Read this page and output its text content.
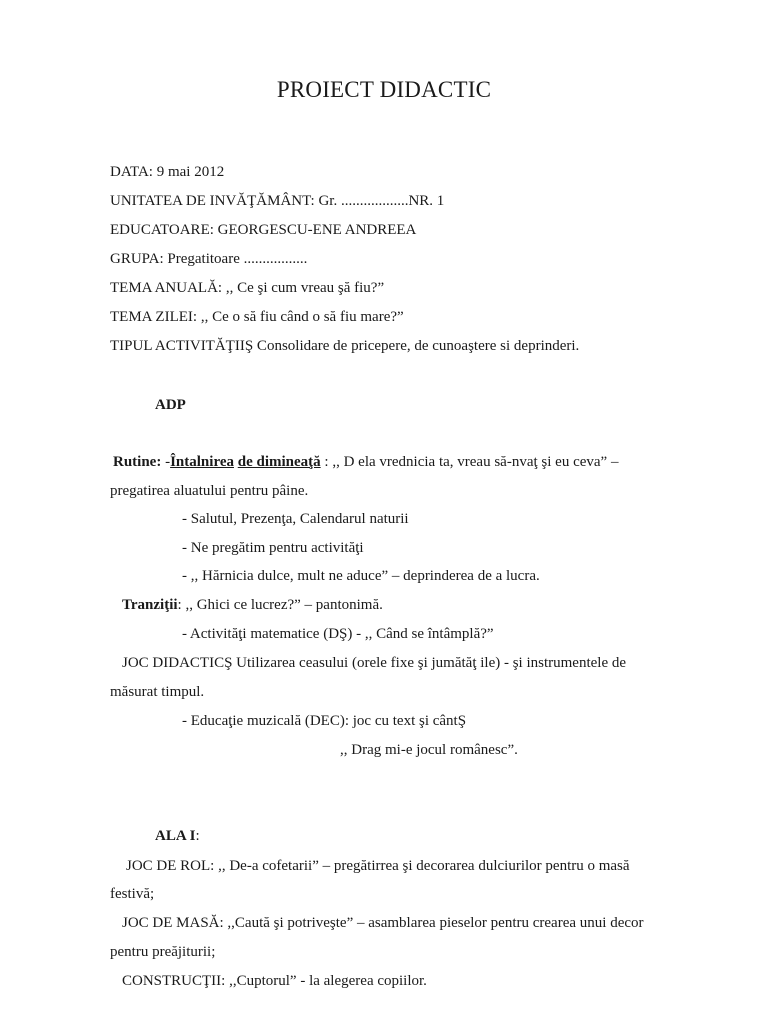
PROIECT DIDACTIC
DATA: 9 mai 2012
UNITATEA DE INVĂŢĂMÂNT: Gr. ..................NR. 1
EDUCATOARE: GEORGESCU-ENE ANDREEA
GRUPA: Pregatitoare .................
TEMA ANUALĂ: ,, Ce şi cum vreau şă fiu?”
TEMA ZILEI: ,, Ce o să fiu când o să fiu mare?”
TIPUL ACTIVITĂŢIIŞ Consolidare de pricepere, de cunoaştere si deprinderi.
ADP
Rutine: -Întalnirea de dimineaţă : ,, D ela vrednicia ta, vreau să-nvaţ şi eu ceva” –
pregatirea aluatului pentru pâine.
- Salutul, Prezenţa, Calendarul naturii
- Ne pregătim pentru activităţi
- ,, Hărnicia dulce, mult ne aduce” – deprinderea de a lucra.
Tranziţii: ,, Ghici ce lucrez?” – pantonimă.
- Activităţi matematice (DŞ) - ,, Când se întâmplă?”
JOC DIDACTICŞ Utilizarea ceasului (orele fixe şi jumătăţ ile) - şi instrumentele de
măsurat timpul.
- Educaţie muzicală (DEC): joc cu text şi cântŞ
,, Drag mi-e jocul românesc”.
ALA I:
JOC DE ROL: ,, De-a cofetarii” – pregătirrea şi decorarea dulciurilor pentru o masă
festivă;
JOC DE MASĂ: ,,Caută şi potriveşte” – asamblarea pieselor pentru crearea unui decor
pentru preăjiturii;
CONSTRUCŢII: ,,Cuptorul” - la alegerea copiilor.
